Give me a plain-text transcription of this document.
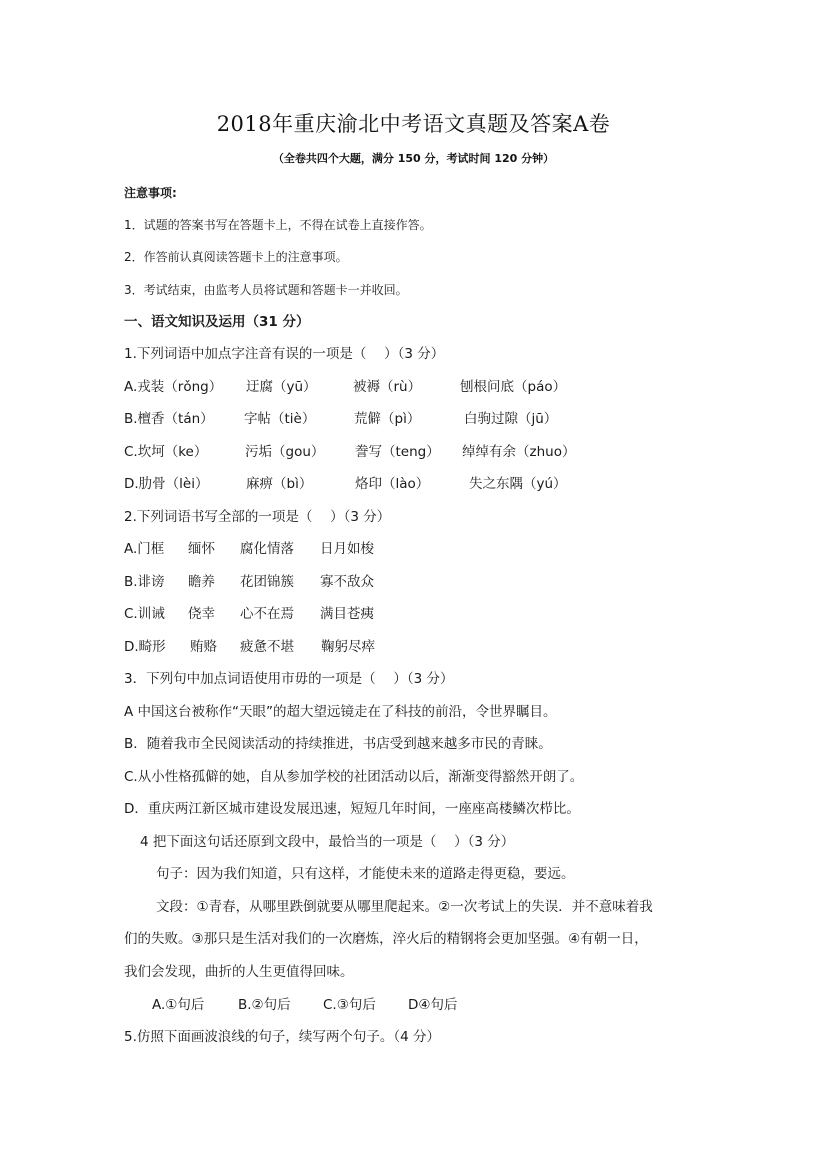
2018年重庆渝北中考语文真题及答案A卷
（全卷共四个大题，满分 150 分，考试时间 120 分钟）
注意事项:
1．试题的答案书写在答题卡上，不得在试卷上直接作答。
2．作答前认真阅读答题卡上的注意事项。
3．考试结束，由监考人员将试题和答题卡一并收回。
一、语文知识及运用（31 分）
1.下列词语中加点字注音有误的一项是（　 ）（3 分）
A.戎装（rǒng） 迂腐（yū）	被褥（rù）	刨根问底（páo）
B.檀香（tán） 字帖（tiè）	荒僻（pì）	白驹过隙（jū）
C.坎坷（ke）	污垢（gou） 誊写（teng） 绰绰有余（zhuo）
D.肋骨（lèi）	麻痹（bì）	烙印（lào）	失之东隅（yú）
2.下列词语书写全部的一项是（　 ）（3 分）
A.门框 缅怀 腐化情落 日月如梭
B.诽谤 瞻养 花团锦簇 寡不敌众
C.训诫 侥幸 心不在焉 满目苍痍
D.畸形 贿赂 疲惫不堪 鞠躬尽瘁
3．下列句中加点词语使用市毋的一项是（　 ）（3 分）
A 中国这台被称作“天眼”的超大望远镜走在了科技的前沿，令世界瞩目。
B．随着我市全民阅读活动的持续推进，书店受到越来越多市民的青睐。
C.从小性格孤僻的她，自从参加学校的社团活动以后，渐渐变得豁然开朗了。
D．重庆两江新区城市建设发展迅速，短短几年时间，一座座高楼鳞次栉比。
4 把下面这句话还原到文段中，最恰当的一项是（　 ）（3 分）
句子：因为我们知道，只有这样，才能使未来的道路走得更稳，要远。
文段：①青春，从哪里跌倒就要从哪里爬起来。②一次考试上的失误．并不意味着我
们的失败。③那只是生活对我们的一次磨炼，淬火后的精钢将会更加坚强。④有朝一日，
我们会发现，曲折的人生更值得回味。
A.①句后 B.②句后 C.③句后 D④句后
5.仿照下面画波浪线的句子，续写两个句子。（4 分）
